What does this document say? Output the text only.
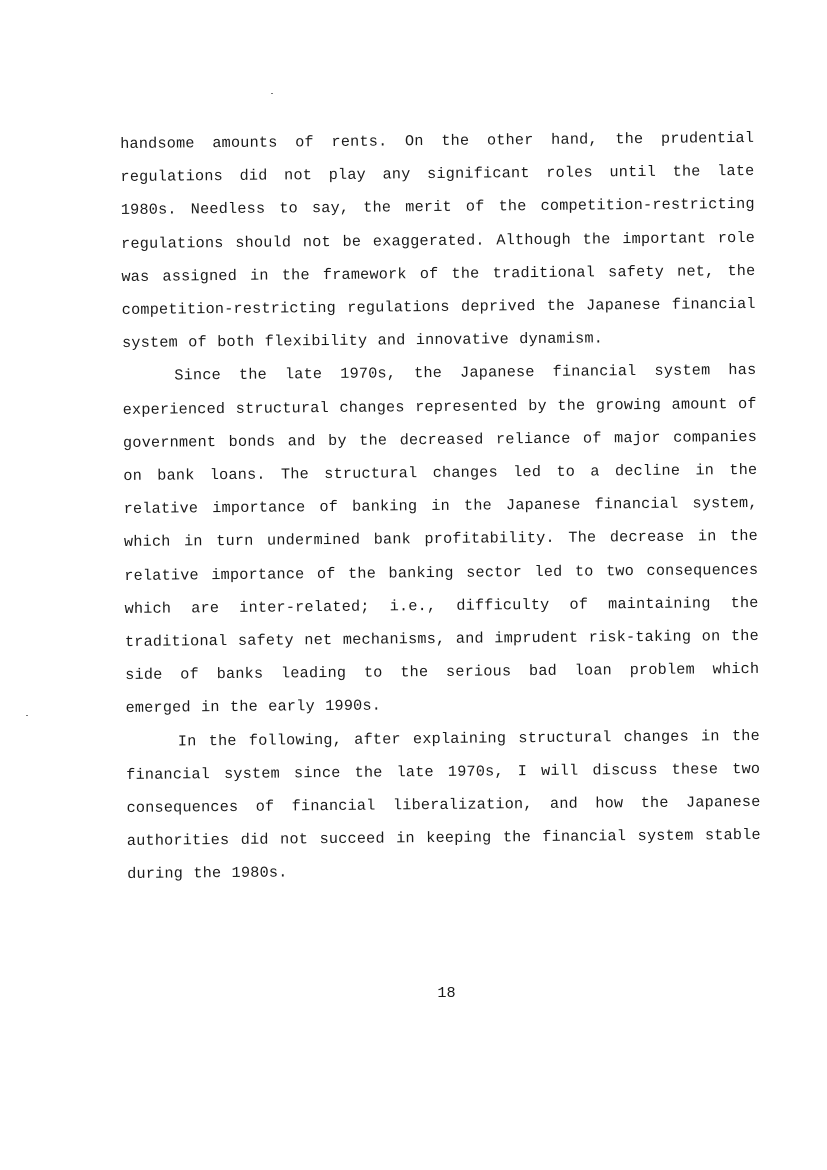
handsome amounts of rents. On the other hand, the prudential regulations did not play any significant roles until the late 1980s. Needless to say, the merit of the competition-restricting regulations should not be exaggerated. Although the important role was assigned in the framework of the traditional safety net, the competition-restricting regulations deprived the Japanese financial system of both flexibility and innovative dynamism.

Since the late 1970s, the Japanese financial system has experienced structural changes represented by the growing amount of government bonds and by the decreased reliance of major companies on bank loans. The structural changes led to a decline in the relative importance of banking in the Japanese financial system, which in turn undermined bank profitability. The decrease in the relative importance of the banking sector led to two consequences which are inter-related; i.e., difficulty of maintaining the traditional safety net mechanisms, and imprudent risk-taking on the side of banks leading to the serious bad loan problem which emerged in the early 1990s.

In the following, after explaining structural changes in the financial system since the late 1970s, I will discuss these two consequences of financial liberalization, and how the Japanese authorities did not succeed in keeping the financial system stable during the 1980s.

18
